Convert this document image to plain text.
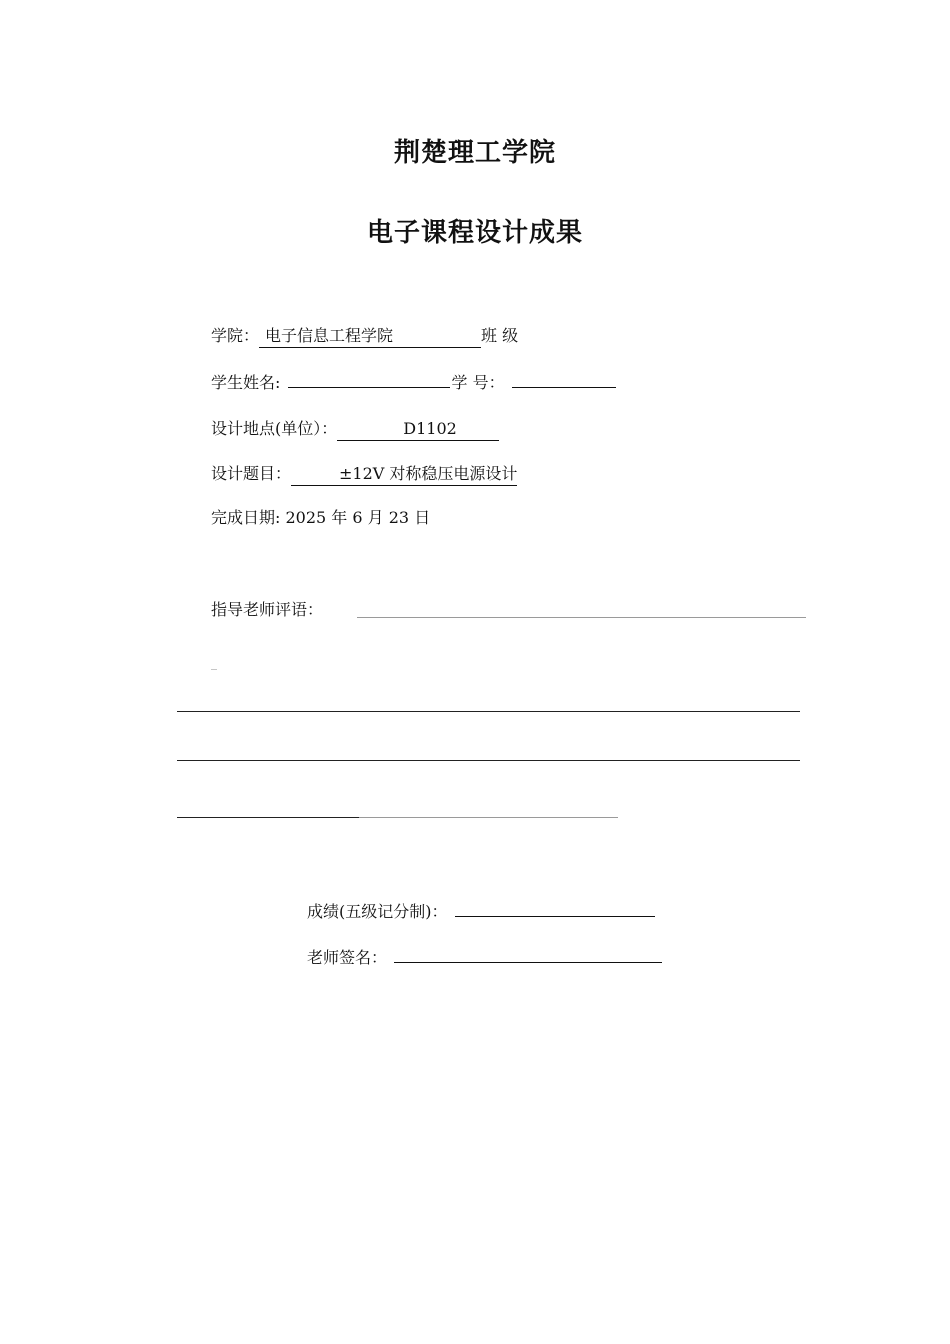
荆楚理工学院
电子课程设计成果
学院： 电子信息工程学院	班 级
学生姓名:	学 号：
设计地点(单位）：	D1102
设计题目：	±12V 对称稳压电源设计
完成日期: 2025 年 6 月 23 日
指导老师评语：
_
成绩(五级记分制)：
老师签名：
